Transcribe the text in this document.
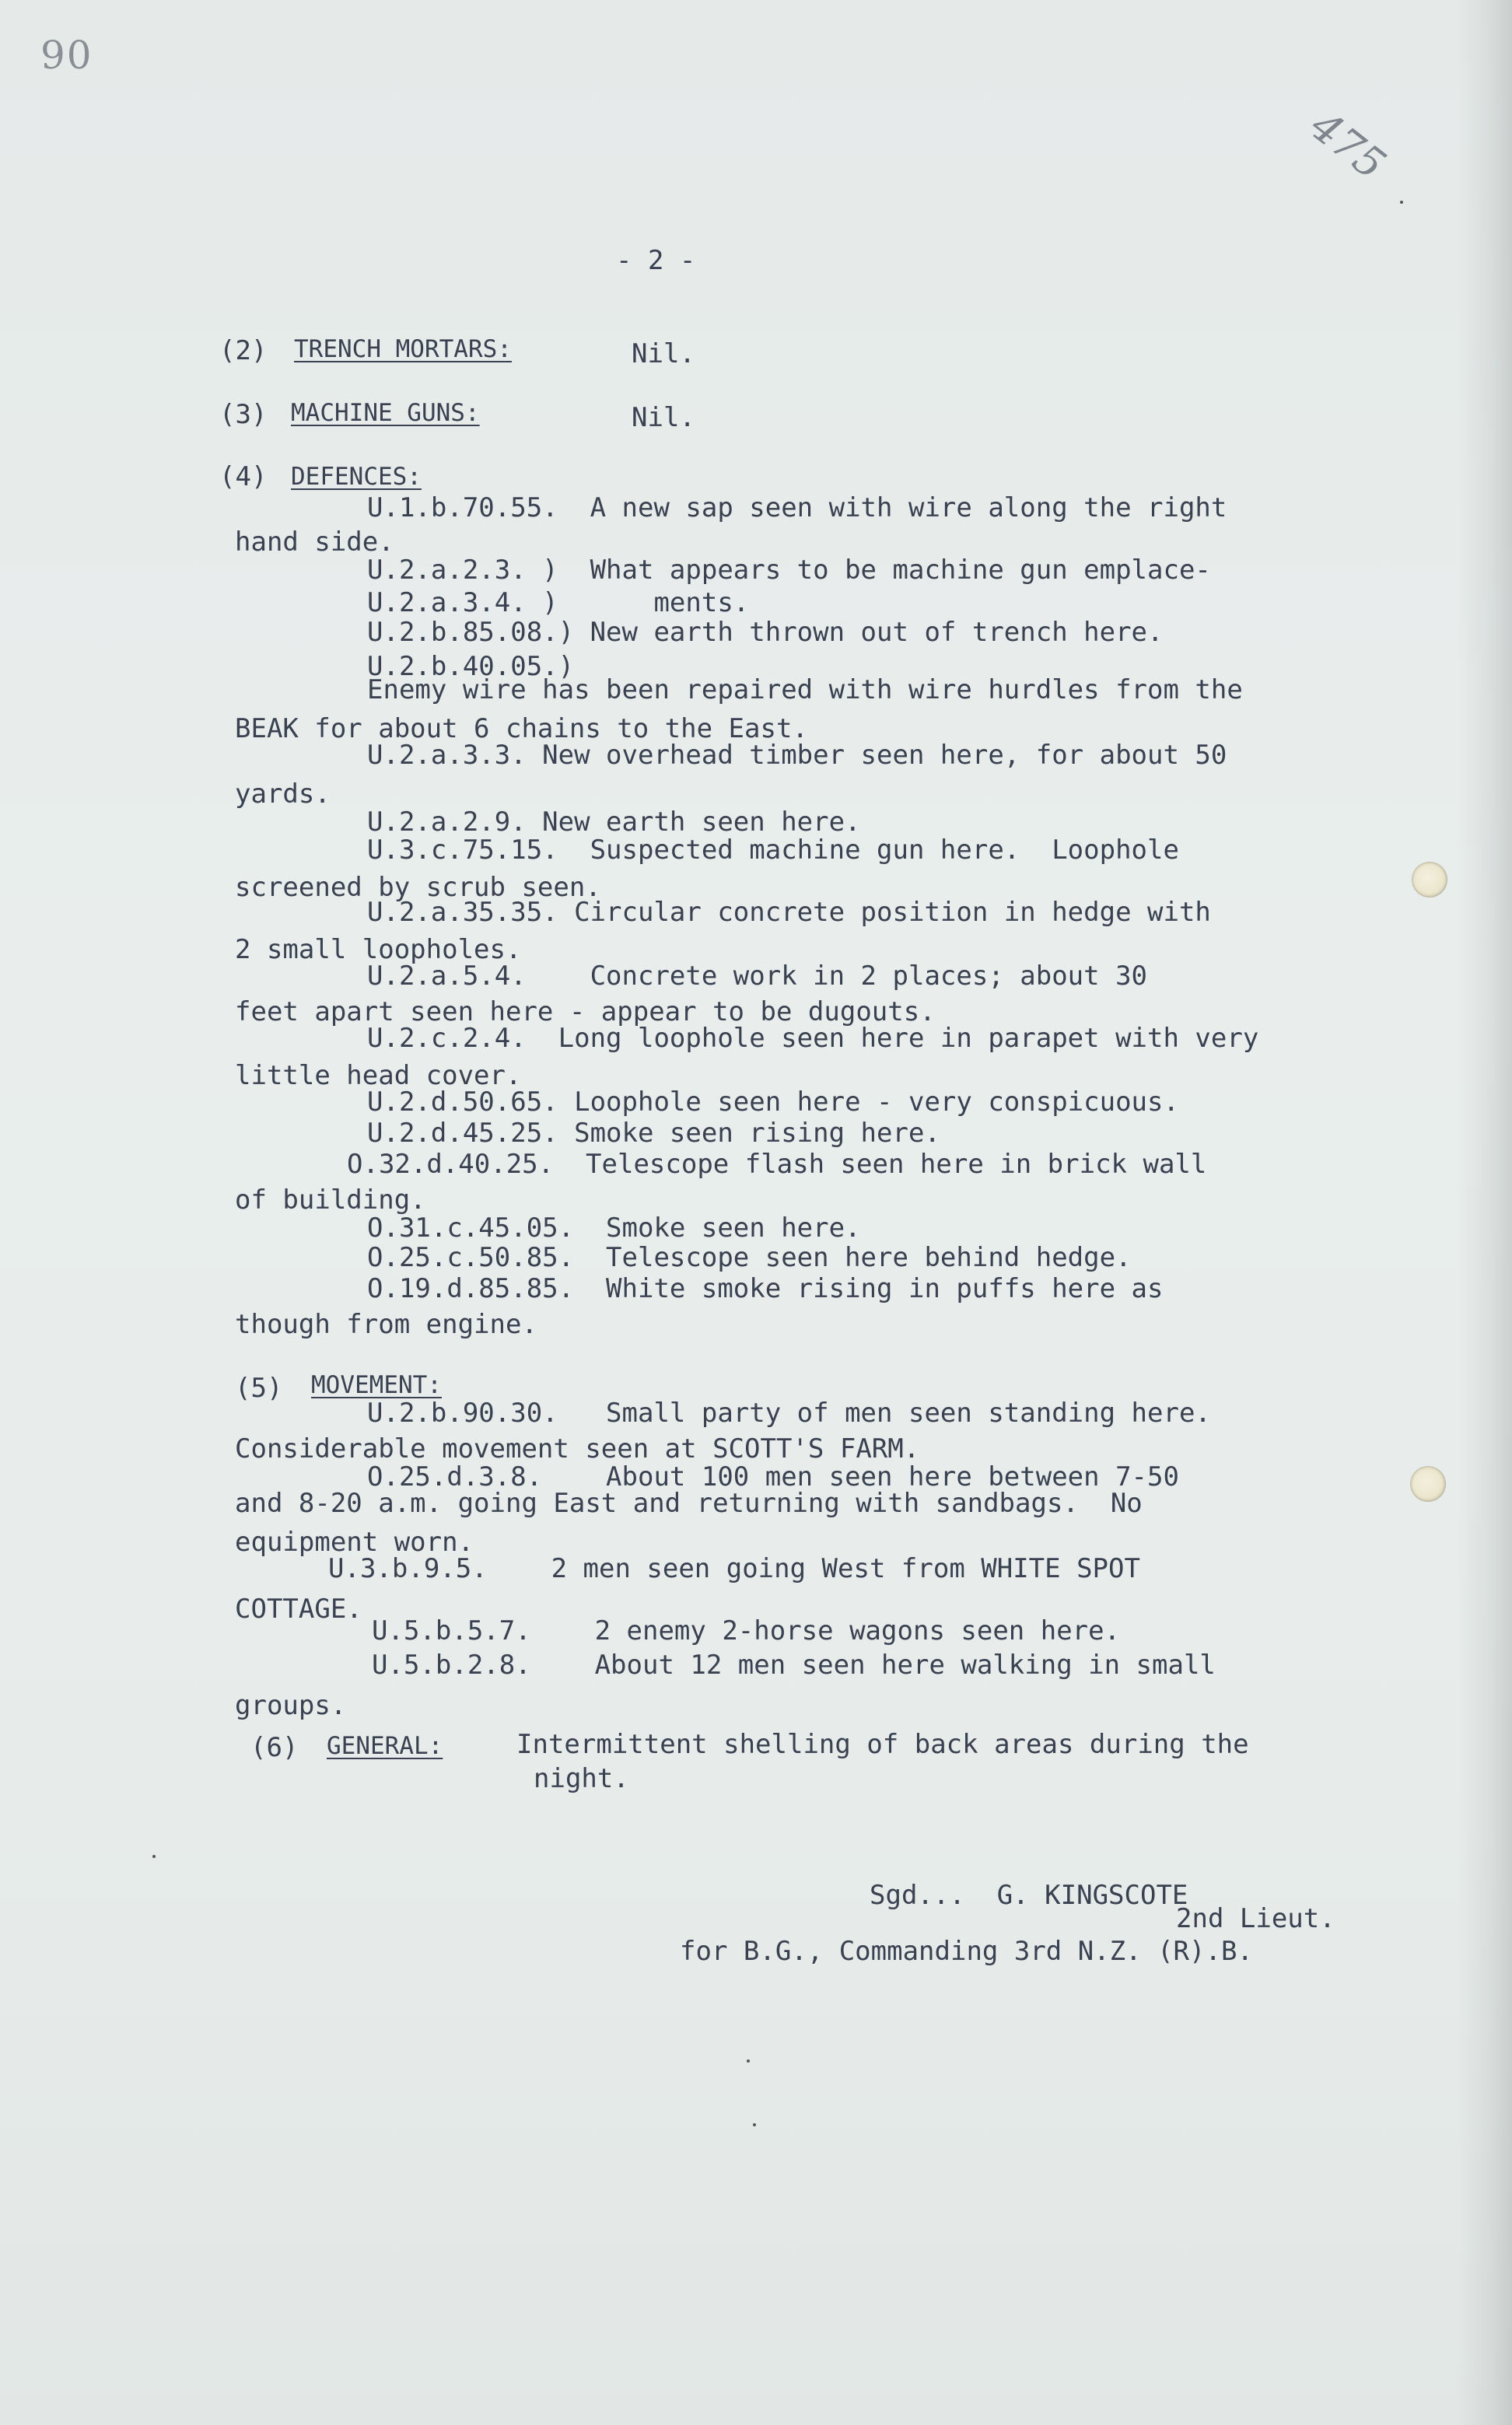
90
475
- 2 -
(2) TRENCH MORTARS:	Nil.
(3) MACHINE GUNS:	Nil.
(4) DEFENCES:
U.1.b.70.55.  A new sap seen with wire along the right
hand side.
U.2.a.2.3. )  What appears to be machine gun emplace-
U.2.a.3.4. )      ments.
U.2.b.85.08.) New earth thrown out of trench here.
U.2.b.40.05.)
Enemy wire has been repaired with wire hurdles from the
BEAK for about 6 chains to the East.
U.2.a.3.3. New overhead timber seen here, for about 50
yards.
U.2.a.2.9. New earth seen here.
U.3.c.75.15.  Suspected machine gun here.  Loophole
screened by scrub seen.
U.2.a.35.35. Circular concrete position in hedge with
2 small loopholes.
U.2.a.5.4.    Concrete work in 2 places; about 30
feet apart seen here - appear to be dugouts.
U.2.c.2.4.  Long loophole seen here in parapet with very
little head cover.
U.2.d.50.65. Loophole seen here - very conspicuous.
U.2.d.45.25. Smoke seen rising here.
O.32.d.40.25.  Telescope flash seen here in brick wall
of building.
O.31.c.45.05.  Smoke seen here.
O.25.c.50.85.  Telescope seen here behind hedge.
O.19.d.85.85.  White smoke rising in puffs here as
though from engine.
(5) MOVEMENT:
U.2.b.90.30.   Small party of men seen standing here.
Considerable movement seen at SCOTT'S FARM.
O.25.d.3.8.    About 100 men seen here between 7-50
and 8-20 a.m. going East and returning with sandbags.  No
equipment worn.
U.3.b.9.5.    2 men seen going West from WHITE SPOT
COTTAGE.
U.5.b.5.7.    2 enemy 2-horse wagons seen here.
U.5.b.2.8.    About 12 men seen here walking in small
groups.
(6) GENERAL:	Intermittent shelling of back areas during the
night.
Sgd...  G. KINGSCOTE
2nd Lieut.
for B.G., Commanding 3rd N.Z. (R).B.
